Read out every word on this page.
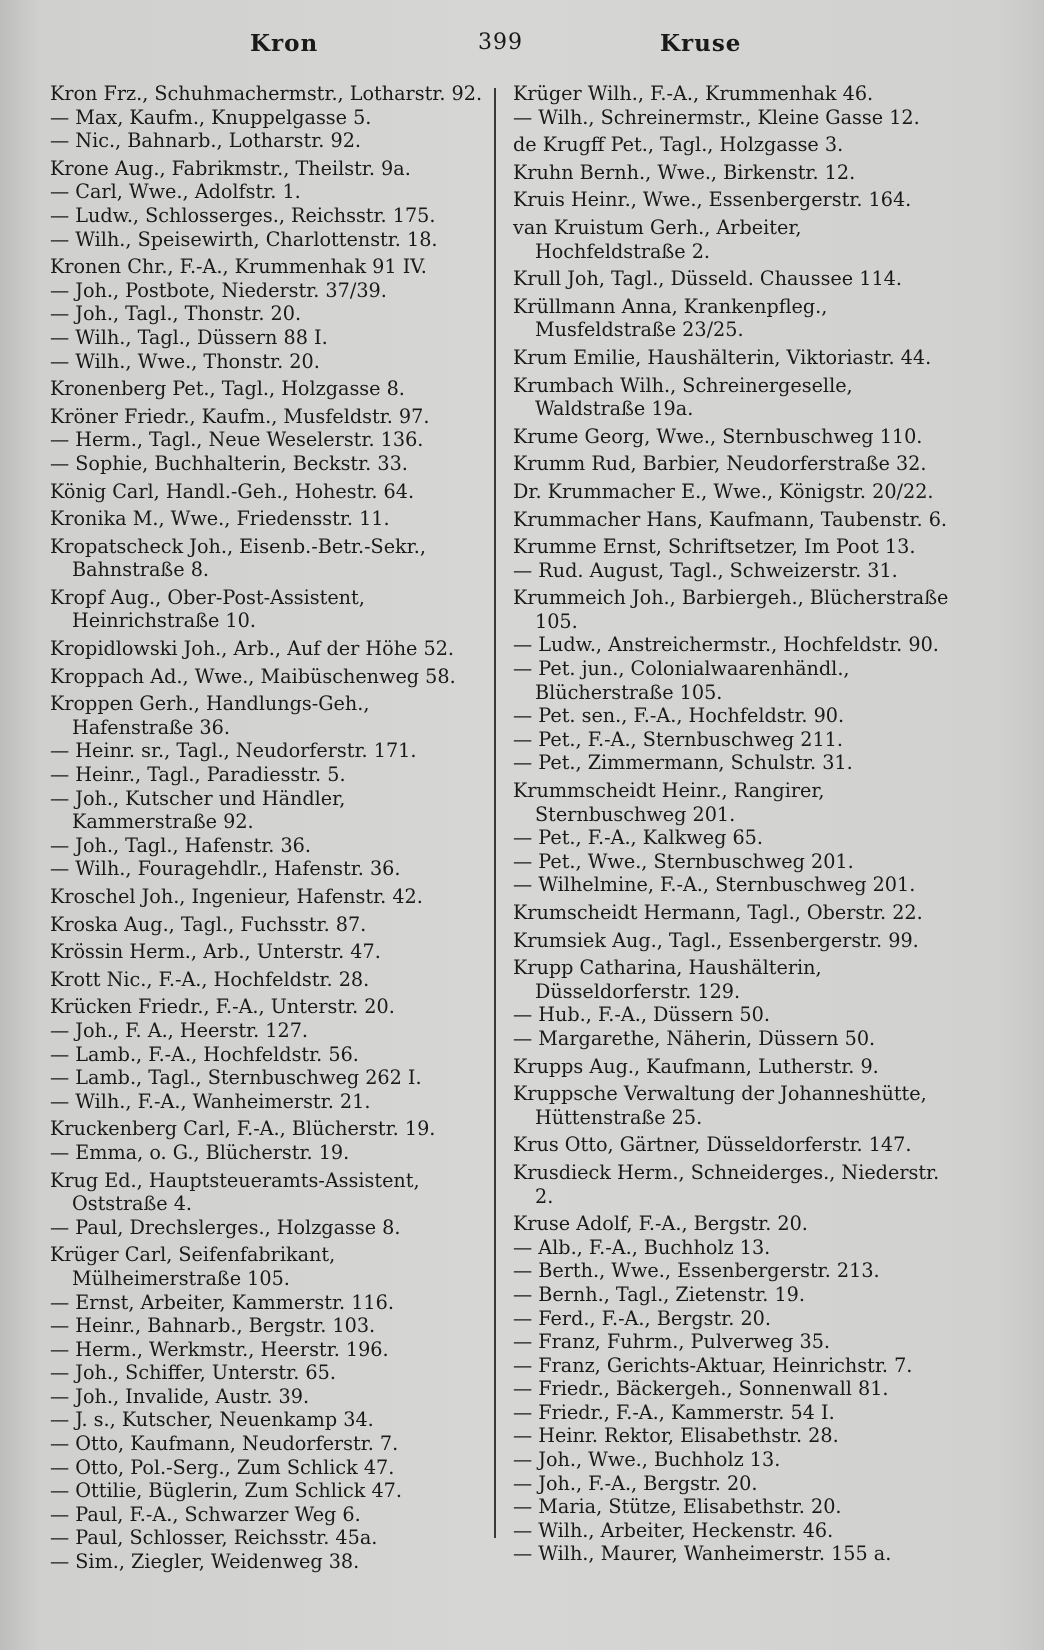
Kron	399	Kruse

Kron Frz., Schuhmachermstr., Lotharstr. 92.

— Max, Kaufm., Knuppelgasse 5.

— Nic., Bahnarb., Lotharstr. 92.

Krone Aug., Fabrikmstr., Theilstr. 9a.

— Carl, Wwe., Adolfstr. 1.

— Ludw., Schlosserges., Reichsstr. 175.

— Wilh., Speisewirth, Charlottenstr. 18.

Kronen Chr., F.-A., Krummenhak 91 IV.

— Joh., Postbote, Niederstr. 37/39.

— Joh., Tagl., Thonstr. 20.

— Wilh., Tagl., Düssern 88 I.

— Wilh., Wwe., Thonstr. 20.

Kronenberg Pet., Tagl., Holzgasse 8.

Kröner Friedr., Kaufm., Musfeldstr. 97.

— Herm., Tagl., Neue Weselerstr. 136.

— Sophie, Buchhalterin, Beckstr. 33.

König Carl, Handl.-Geh., Hohestr. 64.

Kronika M., Wwe., Friedensstr. 11.

Kropatscheck Joh., Eisenb.-Betr.-Sekr., Bahnstraße 8.

Kropf Aug., Ober-Post-Assistent, Heinrichstraße 10.

Kropidlowski Joh., Arb., Auf der Höhe 52.

Kroppach Ad., Wwe., Maibüschenweg 58.

Kroppen Gerh., Handlungs-Geh., Hafenstraße 36.

— Heinr. sr., Tagl., Neudorferstr. 171.

— Heinr., Tagl., Paradiesstr. 5.

— Joh., Kutscher und Händler, Kammerstraße 92.

— Joh., Tagl., Hafenstr. 36.

— Wilh., Fouragehdlr., Hafenstr. 36.

Kroschel Joh., Ingenieur, Hafenstr. 42.

Kroska Aug., Tagl., Fuchsstr. 87.

Krössin Herm., Arb., Unterstr. 47.

Krott Nic., F.-A., Hochfeldstr. 28.

Krücken Friedr., F.-A., Unterstr. 20.

— Joh., F. A., Heerstr. 127.

— Lamb., F.-A., Hochfeldstr. 56.

— Lamb., Tagl., Sternbuschweg 262 I.

— Wilh., F.-A., Wanheimerstr. 21.

Kruckenberg Carl, F.-A., Blücherstr. 19.

— Emma, o. G., Blücherstr. 19.

Krug Ed., Hauptsteueramts-Assistent, Oststraße 4.

— Paul, Drechslerges., Holzgasse 8.

Krüger Carl, Seifenfabrikant, Mülheimerstraße 105.

— Ernst, Arbeiter, Kammerstr. 116.

— Heinr., Bahnarb., Bergstr. 103.

— Herm., Werkmstr., Heerstr. 196.

— Joh., Schiffer, Unterstr. 65.

— Joh., Invalide, Austr. 39.

— J. s., Kutscher, Neuenkamp 34.

— Otto, Kaufmann, Neudorferstr. 7.

— Otto, Pol.-Serg., Zum Schlick 47.

— Ottilie, Büglerin, Zum Schlick 47.

— Paul, F.-A., Schwarzer Weg 6.

— Paul, Schlosser, Reichsstr. 45a.

— Sim., Ziegler, Weidenweg 38.

Krüger Wilh., F.-A., Krummenhak 46.

— Wilh., Schreinermstr., Kleine Gasse 12.

de Krugff Pet., Tagl., Holzgasse 3.

Kruhn Bernh., Wwe., Birkenstr. 12.

Kruis Heinr., Wwe., Essenbergerstr. 164.

van Kruistum Gerh., Arbeiter, Hochfeldstraße 2.

Krull Joh, Tagl., Düsseld. Chaussee 114.

Krüllmann Anna, Krankenpfleg., Musfeldstraße 23/25.

Krum Emilie, Haushälterin, Viktoriastr. 44.

Krumbach Wilh., Schreinergeselle, Waldstraße 19a.

Krume Georg, Wwe., Sternbuschweg 110.

Krumm Rud, Barbier, Neudorferstraße 32.

Dr. Krummacher E., Wwe., Königstr. 20/22.

Krummacher Hans, Kaufmann, Taubenstr. 6.

Krumme Ernst, Schriftsetzer, Im Poot 13.

— Rud. August, Tagl., Schweizerstr. 31.

Krummeich Joh., Barbiergeh., Blücherstraße 105.

— Ludw., Anstreichermstr., Hochfeldstr. 90.

— Pet. jun., Colonialwaarenhändl., Blücherstraße 105.

— Pet. sen., F.-A., Hochfeldstr. 90.

— Pet., F.-A., Sternbuschweg 211.

— Pet., Zimmermann, Schulstr. 31.

Krummscheidt Heinr., Rangirer, Sternbuschweg 201.

— Pet., F.-A., Kalkweg 65.

— Pet., Wwe., Sternbuschweg 201.

— Wilhelmine, F.-A., Sternbuschweg 201.

Krumscheidt Hermann, Tagl., Oberstr. 22.

Krumsiek Aug., Tagl., Essenbergerstr. 99.

Krupp Catharina, Haushälterin, Düsseldorferstr. 129.

— Hub., F.-A., Düssern 50.

— Margarethe, Näherin, Düssern 50.

Krupps Aug., Kaufmann, Lutherstr. 9.

Kruppsche Verwaltung der Johanneshütte, Hüttenstraße 25.

Krus Otto, Gärtner, Düsseldorferstr. 147.

Krusdieck Herm., Schneiderges., Niederstr. 2.

Kruse Adolf, F.-A., Bergstr. 20.

— Alb., F.-A., Buchholz 13.

— Berth., Wwe., Essenbergerstr. 213.

— Bernh., Tagl., Zietenstr. 19.

— Ferd., F.-A., Bergstr. 20.

— Franz, Fuhrm., Pulverweg 35.

— Franz, Gerichts-Aktuar, Heinrichstr. 7.

— Friedr., Bäckergeh., Sonnenwall 81.

— Friedr., F.-A., Kammerstr. 54 I.

— Heinr. Rektor, Elisabethstr. 28.

— Joh., Wwe., Buchholz 13.

— Joh., F.-A., Bergstr. 20.

— Maria, Stütze, Elisabethstr. 20.

— Wilh., Arbeiter, Heckenstr. 46.

— Wilh., Maurer, Wanheimerstr. 155 a.
